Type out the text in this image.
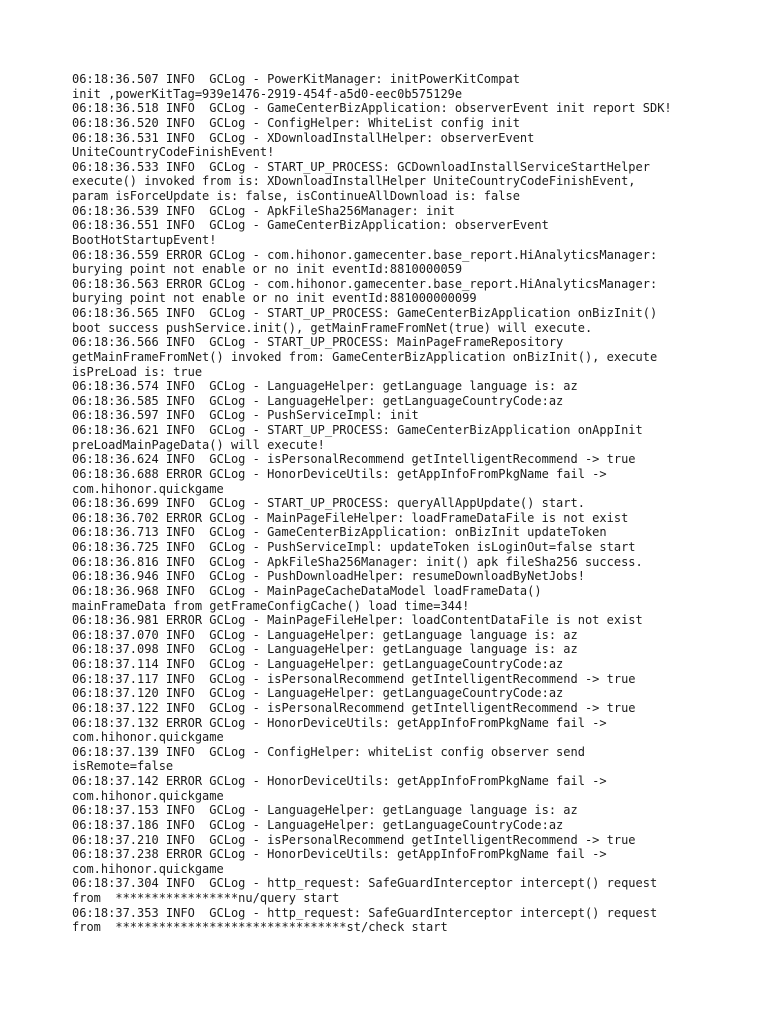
06:18:36.507 INFO  GCLog - PowerKitManager: initPowerKitCompat
init ,powerKitTag=939e1476-2919-454f-a5d0-eec0b575129e
06:18:36.518 INFO  GCLog - GameCenterBizApplication: observerEvent init report SDK!
06:18:36.520 INFO  GCLog - ConfigHelper: WhiteList config init
06:18:36.531 INFO  GCLog - XDownloadInstallHelper: observerEvent
UniteCountryCodeFinishEvent!
06:18:36.533 INFO  GCLog - START_UP_PROCESS: GCDownloadInstallServiceStartHelper
execute() invoked from is: XDownloadInstallHelper UniteCountryCodeFinishEvent,
param isForceUpdate is: false, isContinueAllDownload is: false
06:18:36.539 INFO  GCLog - ApkFileSha256Manager: init
06:18:36.551 INFO  GCLog - GameCenterBizApplication: observerEvent
BootHotStartupEvent!
06:18:36.559 ERROR GCLog - com.hihonor.gamecenter.base_report.HiAnalyticsManager:
burying point not enable or no init eventId:8810000059
06:18:36.563 ERROR GCLog - com.hihonor.gamecenter.base_report.HiAnalyticsManager:
burying point not enable or no init eventId:881000000099
06:18:36.565 INFO  GCLog - START_UP_PROCESS: GameCenterBizApplication onBizInit()
boot success pushService.init(), getMainFrameFromNet(true) will execute.
06:18:36.566 INFO  GCLog - START_UP_PROCESS: MainPageFrameRepository
getMainFrameFromNet() invoked from: GameCenterBizApplication onBizInit(), execute
isPreLoad is: true
06:18:36.574 INFO  GCLog - LanguageHelper: getLanguage language is: az
06:18:36.585 INFO  GCLog - LanguageHelper: getLanguageCountryCode:az
06:18:36.597 INFO  GCLog - PushServiceImpl: init
06:18:36.621 INFO  GCLog - START_UP_PROCESS: GameCenterBizApplication onAppInit
preLoadMainPageData() will execute!
06:18:36.624 INFO  GCLog - isPersonalRecommend getIntelligentRecommend -> true
06:18:36.688 ERROR GCLog - HonorDeviceUtils: getAppInfoFromPkgName fail ->
com.hihonor.quickgame
06:18:36.699 INFO  GCLog - START_UP_PROCESS: queryAllAppUpdate() start.
06:18:36.702 ERROR GCLog - MainPageFileHelper: loadFrameDataFile is not exist
06:18:36.713 INFO  GCLog - GameCenterBizApplication: onBizInit updateToken
06:18:36.725 INFO  GCLog - PushServiceImpl: updateToken isLoginOut=false start
06:18:36.816 INFO  GCLog - ApkFileSha256Manager: init() apk fileSha256 success.
06:18:36.946 INFO  GCLog - PushDownloadHelper: resumeDownloadByNetJobs!
06:18:36.968 INFO  GCLog - MainPageCacheDataModel loadFrameData()
mainFrameData from getFrameConfigCache() load time=344!
06:18:36.981 ERROR GCLog - MainPageFileHelper: loadContentDataFile is not exist
06:18:37.070 INFO  GCLog - LanguageHelper: getLanguage language is: az
06:18:37.098 INFO  GCLog - LanguageHelper: getLanguage language is: az
06:18:37.114 INFO  GCLog - LanguageHelper: getLanguageCountryCode:az
06:18:37.117 INFO  GCLog - isPersonalRecommend getIntelligentRecommend -> true
06:18:37.120 INFO  GCLog - LanguageHelper: getLanguageCountryCode:az
06:18:37.122 INFO  GCLog - isPersonalRecommend getIntelligentRecommend -> true
06:18:37.132 ERROR GCLog - HonorDeviceUtils: getAppInfoFromPkgName fail ->
com.hihonor.quickgame
06:18:37.139 INFO  GCLog - ConfigHelper: whiteList config observer send
isRemote=false
06:18:37.142 ERROR GCLog - HonorDeviceUtils: getAppInfoFromPkgName fail ->
com.hihonor.quickgame
06:18:37.153 INFO  GCLog - LanguageHelper: getLanguage language is: az
06:18:37.186 INFO  GCLog - LanguageHelper: getLanguageCountryCode:az
06:18:37.210 INFO  GCLog - isPersonalRecommend getIntelligentRecommend -> true
06:18:37.238 ERROR GCLog - HonorDeviceUtils: getAppInfoFromPkgName fail ->
com.hihonor.quickgame
06:18:37.304 INFO  GCLog - http_request: SafeGuardInterceptor intercept() request
from  *****************nu/query start
06:18:37.353 INFO  GCLog - http_request: SafeGuardInterceptor intercept() request
from  ********************************st/check start
